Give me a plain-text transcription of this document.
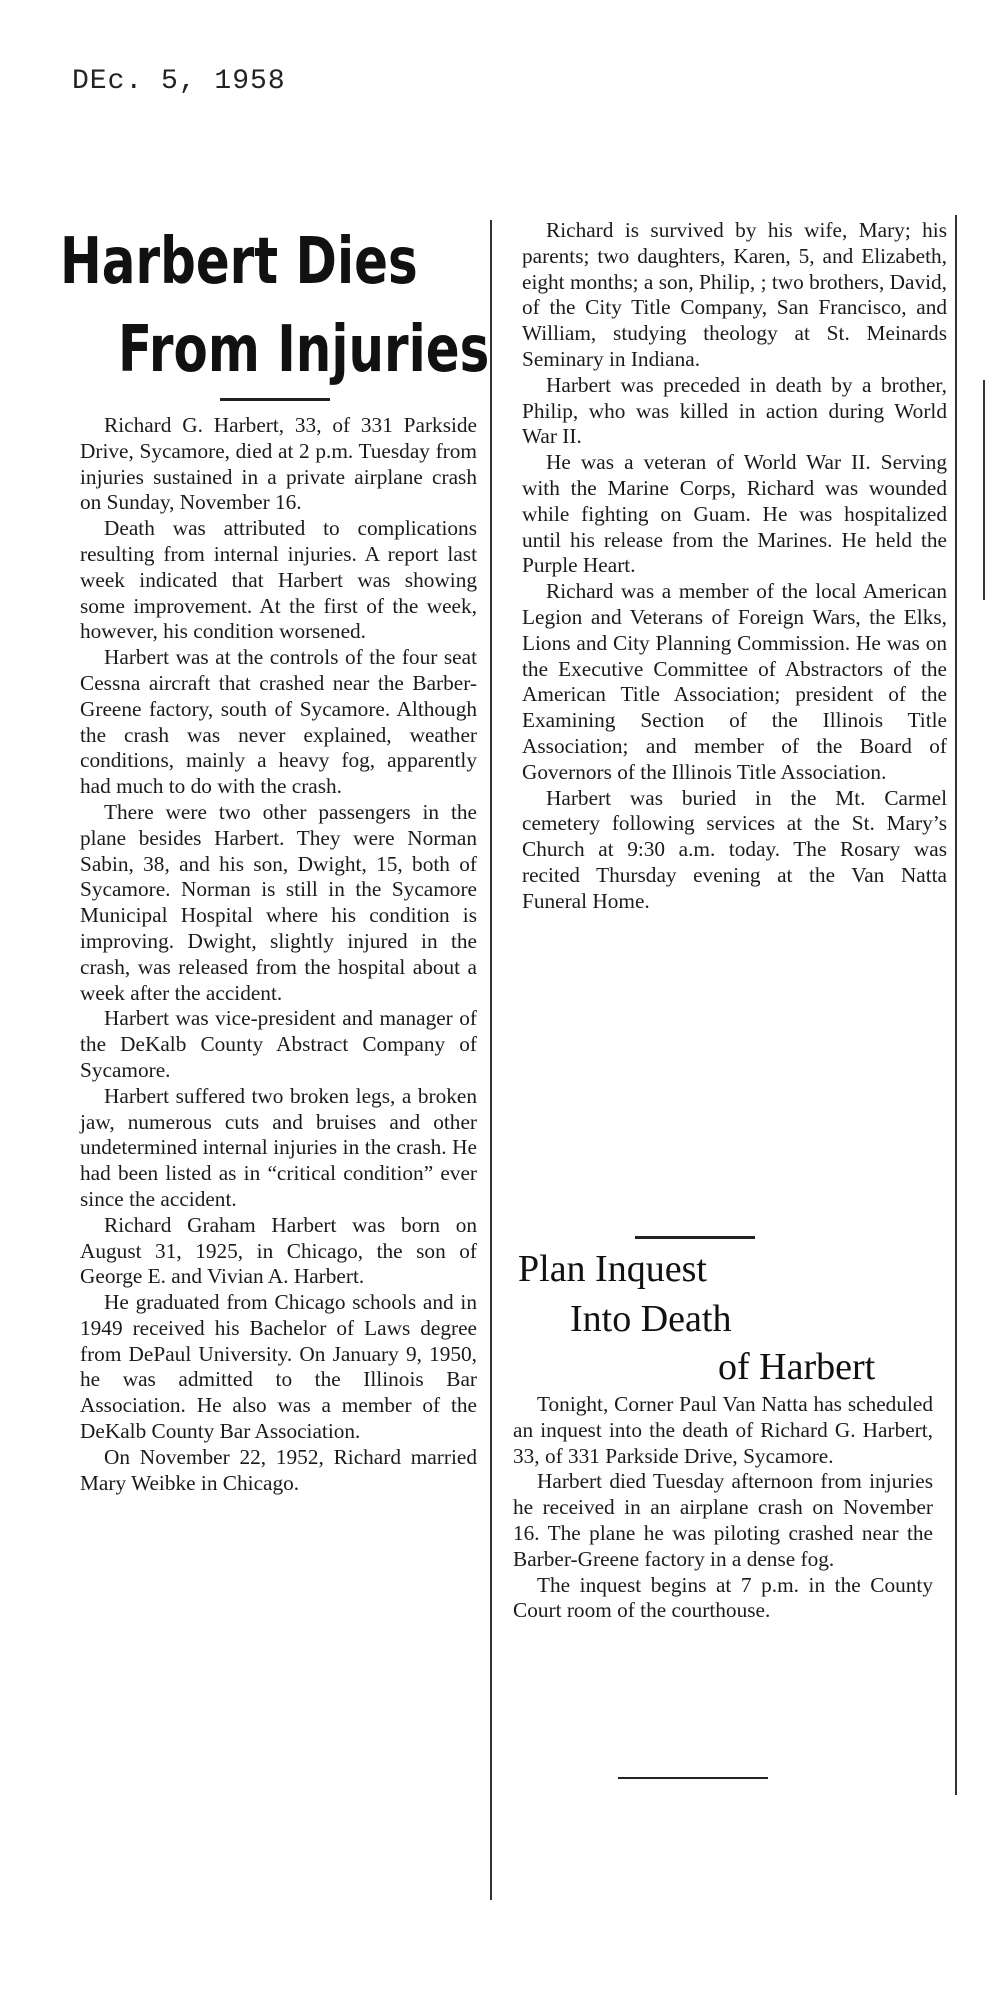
DEc. 5, 1958
Harbert Dies
From Injuries

Richard G. Harbert, 33, of 331 Parkside Drive, Sycamore, died at 2 p.m. Tuesday from injuries sustained in a private airplane crash on Sunday, November 16.

Death was attributed to complications resulting from internal injuries. A report last week indicated that Harbert was showing some improvement. At the first of the week, however, his condition worsened.

Harbert was at the controls of the four seat Cessna aircraft that crashed near the Barber-Greene factory, south of Sycamore. Although the crash was never explained, weather conditions, mainly a heavy fog, apparently had much to do with the crash.

There were two other passengers in the plane besides Harbert. They were Norman Sabin, 38, and his son, Dwight, 15, both of Sycamore. Norman is still in the Sycamore Municipal Hospital where his condition is improving. Dwight, slightly injured in the crash, was released from the hospital about a week after the accident.

Harbert was vice-president and manager of the DeKalb County Abstract Company of Sycamore.

Harbert suffered two broken legs, a broken jaw, numerous cuts and bruises and other undetermined internal injuries in the crash. He had been listed as in “critical condition” ever since the accident.

Richard Graham Harbert was born on August 31, 1925, in Chicago, the son of George E. and Vivian A. Harbert.

He graduated from Chicago schools and in 1949 received his Bachelor of Laws degree from DePaul University. On January 9, 1950, he was admitted to the Illinois Bar Association. He also was a member of the DeKalb County Bar Association.

On November 22, 1952, Richard married Mary Weibke in Chicago.

Richard is survived by his wife, Mary; his parents; two daughters, Karen, 5, and Elizabeth, eight months; a son, Philip, ; two brothers, David, of the City Title Company, San Francisco, and William, studying theology at St. Meinards Seminary in Indiana.

Harbert was preceded in death by a brother, Philip, who was killed in action during World War II.

He was a veteran of World War II. Serving with the Marine Corps, Richard was wounded while fighting on Guam. He was hospitalized until his release from the Marines. He held the Purple Heart.

Richard was a member of the local American Legion and Veterans of Foreign Wars, the Elks, Lions and City Planning Commission. He was on the Executive Committee of Abstractors of the American Title Association; president of the Examining Section of the Illinois Title Association; and member of the Board of Governors of the Illinois Title Association.

Harbert was buried in the Mt. Carmel cemetery following services at the St. Mary’s Church at 9:30 a.m. today. The Rosary was recited Thursday evening at the Van Natta Funeral Home.

Plan Inquest
Into Death
of Harbert

Tonight, Corner Paul Van Natta has scheduled an inquest into the death of Richard G. Harbert, 33, of 331 Parkside Drive, Sycamore.

Harbert died Tuesday afternoon from injuries he received in an airplane crash on November 16. The plane he was piloting crashed near the Barber-Greene factory in a dense fog.

The inquest begins at 7 p.m. in the County Court room of the courthouse.
